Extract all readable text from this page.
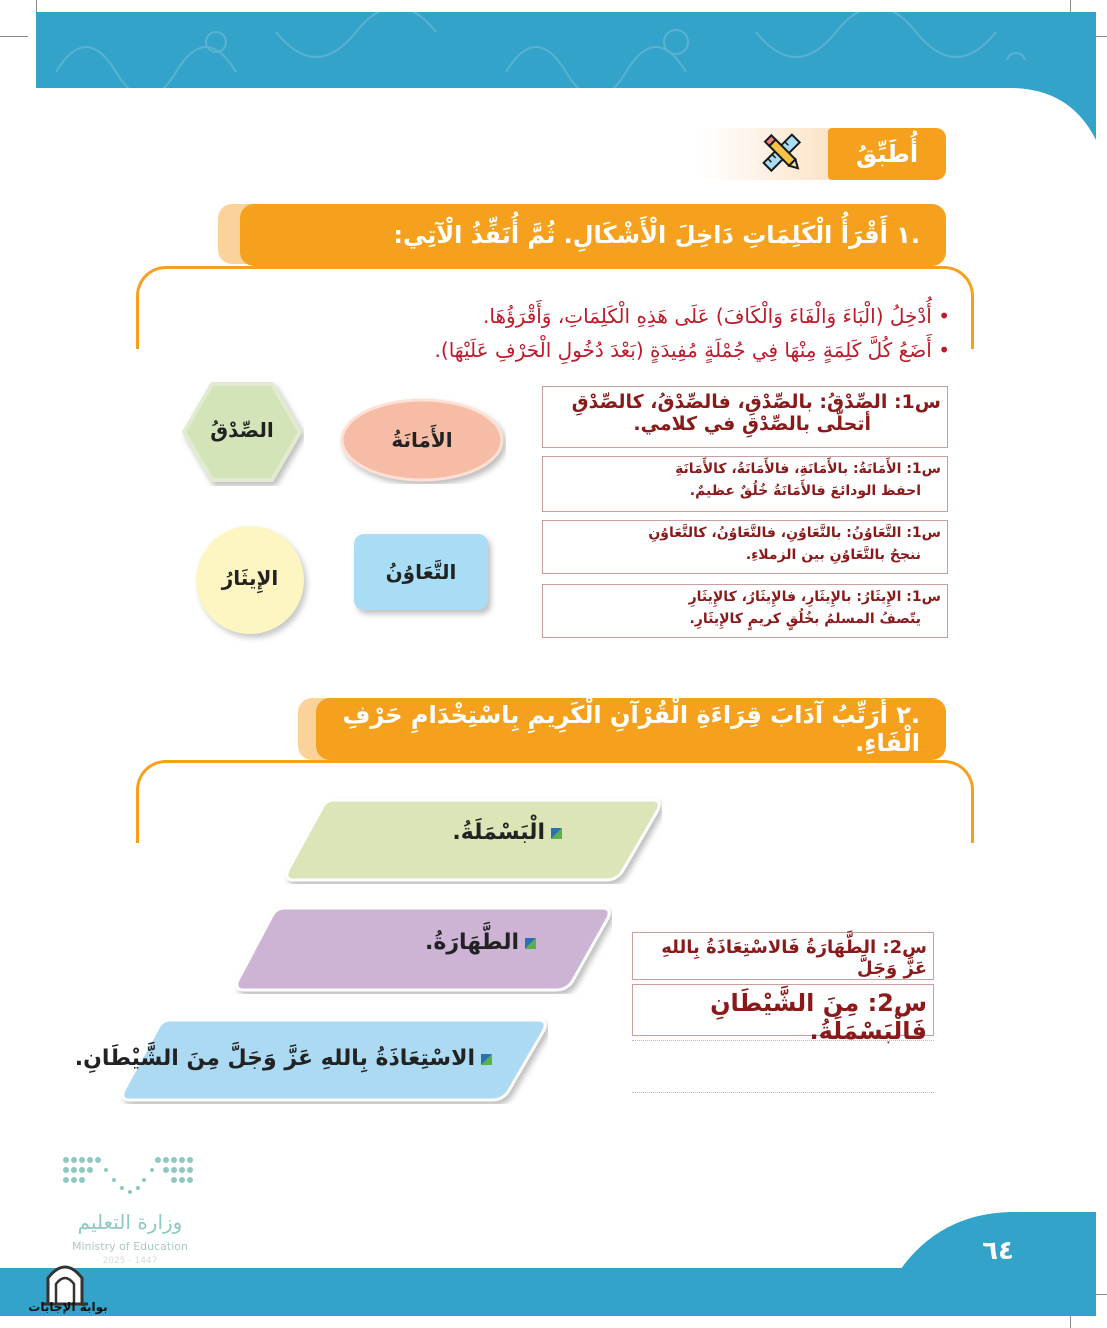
أُطَبِّقُ
.١ أَقْرَأُ الْكَلِمَاتِ دَاخِلَ الْأَشْكَالِ. ثُمَّ أُنَفِّذُ الْآتِي:
• أُدْخِلُ (الْبَاءَ وَالْفَاءَ وَالْكَافَ) عَلَى هَذِهِ الْكَلِمَاتِ، وَأَقْرَؤُهَا.
• أَضَعُ كُلَّ كَلِمَةٍ مِنْهَا فِي جُمْلَةٍ مُفِيدَةٍ (بَعْدَ دُخُولِ الْحَرْفِ عَلَيْهَا).
الصِّدْقُ	الأَمَانَةُ
التَّعَاوُنُ
الإِيثَارُ
س1: الصِّدْقُ: بالصِّدْقِ، فالصِّدْقُ، كالصِّدْقِ
أتحلّى بالصِّدْقِ في كلامي.
س1: الأَمَانَةُ: بالأَمَانَةِ، فالأَمَانَةُ، كالأَمَانَةِ
احفظ الودائعَ فالأَمَانَةُ خُلُقٌ عظيمٌ.
س1: التَّعَاوُنُ: بالتَّعَاوُنِ، فالتَّعَاوُنُ، كالتَّعَاوُنِ
ننجحُ بالتَّعَاوُنِ بين الزملاءِ.
س1: الإِيثَارُ: بالإِيثَارِ، فالإِيثَارُ، كالإِيثَارِ
يتّصفُ المسلمُ بخُلُقٍ كريمٍ كالإِيثَارِ.
.٢ أُرَتِّبُ آدَابَ قِرَاءَةِ الْقُرْآنِ الْكَرِيمِ بِاسْتِخْدَامِ حَرْفِ الْفَاءِ.
الْبَسْمَلَةُ.
الطَّهَارَةُ.
الاسْتِعَاذَةُ بِاللهِ عَزَّ وَجَلَّ مِنَ الشَّيْطَانِ.
س2: الطَّهَارَةُ فَالاسْتِعَاذَةُ بِاللهِ عَزَّ وَجَلَّ
س2: مِنَ الشَّيْطَانِ فَالْبَسْمَلَةُ.
وزارة التعليم
Ministry of Education
2025 - 1447	٦٤
بوابة الإجابات
